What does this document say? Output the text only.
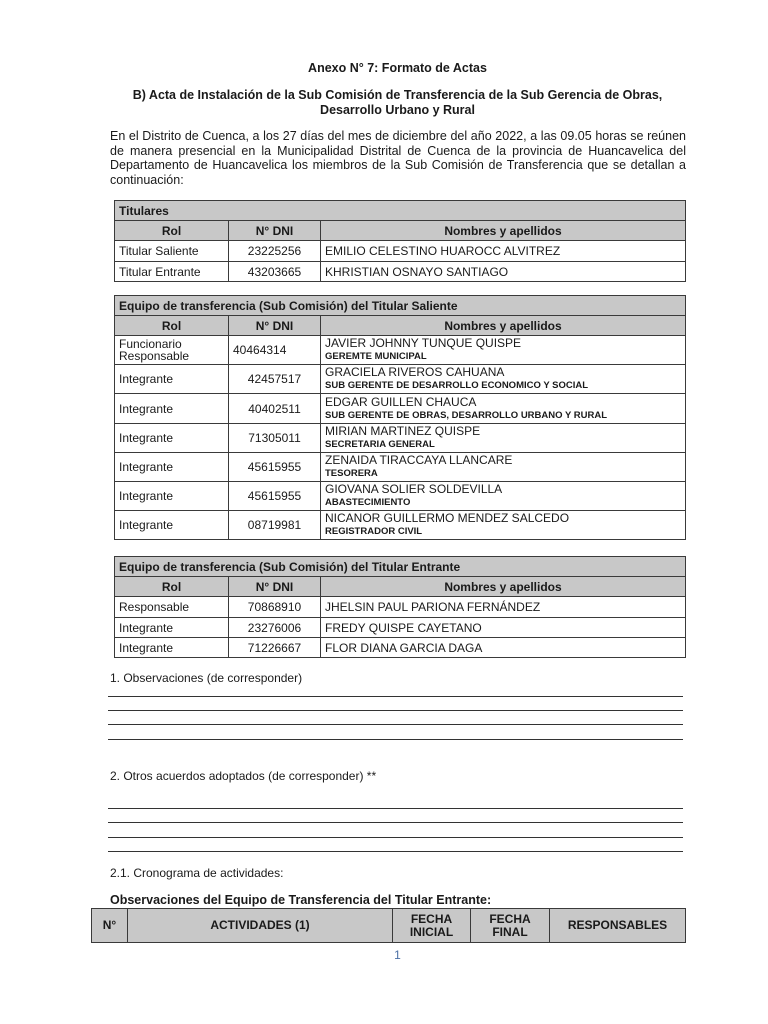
Anexo N° 7: Formato de Actas
B) Acta de Instalación de la Sub Comisión de Transferencia de la Sub Gerencia de Obras, Desarrollo Urbano y Rural
En el Distrito de Cuenca, a los 27 días del mes de diciembre del año 2022, a las 09.05 horas se reúnen de manera presencial en la Municipalidad Distrital de Cuenca de la provincia de Huancavelica del Departamento de Huancavelica los miembros de la Sub Comisión de Transferencia que se detallan a continuación:
Titulares		
Rol	N° DNI	Nombres y apellidos
Titular Saliente	23225256	EMILIO CELESTINO HUAROCC ALVITREZ
Titular Entrante	43203665	KHRISTIAN OSNAYO SANTIAGO
Equipo de transferencia (Sub Comisión) del Titular Saliente		
Rol	N° DNI	Nombres y apellidos
Funcionario Responsable	40464314	JAVIER JOHNNY TUNQUE QUISPE
GEREMTE MUNICIPAL

Integrante	42457517	GRACIELA RIVEROS CAHUANA
SUB GERENTE DE DESARROLLO ECONOMICO Y SOCIAL

Integrante	40402511	EDGAR GUILLEN CHAUCA
SUB GERENTE DE OBRAS, DESARROLLO URBANO Y RURAL

Integrante	71305011	MIRIAN MARTINEZ QUISPE
SECRETARIA GENERAL

Integrante	45615955	ZENAIDA TIRACCAYA LLANCARE
TESORERA

Integrante	45615955	GIOVANA SOLIER SOLDEVILLA
ABASTECIMIENTO

Integrante	08719981	NICANOR GUILLERMO MENDEZ SALCEDO
REGISTRADOR CIVIL
Equipo de transferencia (Sub Comisión) del Titular Entrante		
Rol	N° DNI	Nombres y apellidos
Responsable	70868910	JHELSIN PAUL PARIONA FERNÁNDEZ
Integrante	23276006	FREDY QUISPE CAYETANO
Integrante	71226667	FLOR DIANA GARCIA DAGA
1. Observaciones (de corresponder)
2. Otros acuerdos adoptados (de corresponder) **
2.1. Cronograma de actividades:
Observaciones del Equipo de Transferencia del Titular Entrante:
N°	ACTIVIDADES (1)	FECHA INICIAL	FECHA FINAL	RESPONSABLES
1
